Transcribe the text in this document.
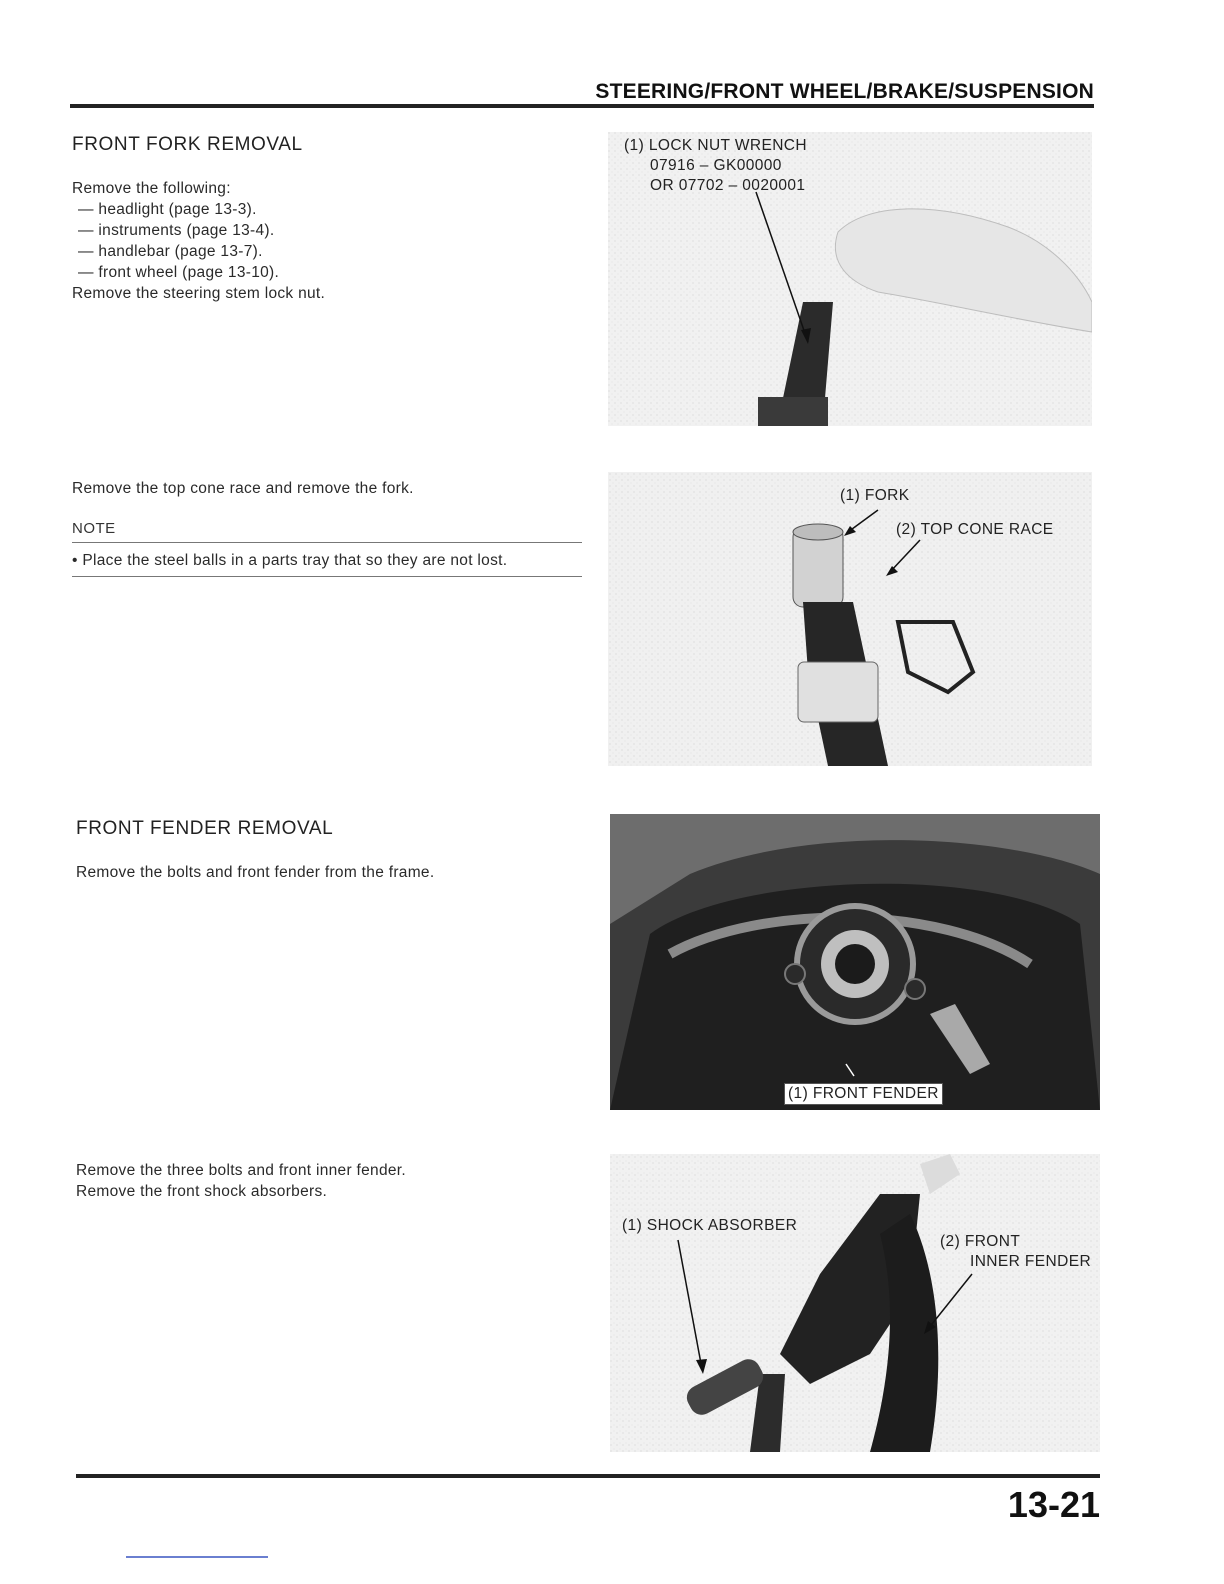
STEERING/FRONT WHEEL/BRAKE/SUSPENSION
FRONT FORK REMOVAL
Remove the following:
— headlight (page 13-3).
— instruments (page 13-4).
— handlebar (page 13-7).
— front wheel (page 13-10).
Remove the steering stem lock nut.
(1) LOCK NUT WRENCH
07916 – GK00000
OR 07702 – 0020001
Remove the top cone race and remove the fork.
NOTE
• Place the steel balls in a parts tray that so they are not lost.
(1) FORK
(2) TOP CONE RACE
FRONT FENDER REMOVAL
Remove the bolts and front fender from the frame.
(1) FRONT FENDER
Remove the three bolts and front inner fender.
Remove the front shock absorbers.
(1) SHOCK ABSORBER
(2) FRONT
INNER FENDER
13-21
